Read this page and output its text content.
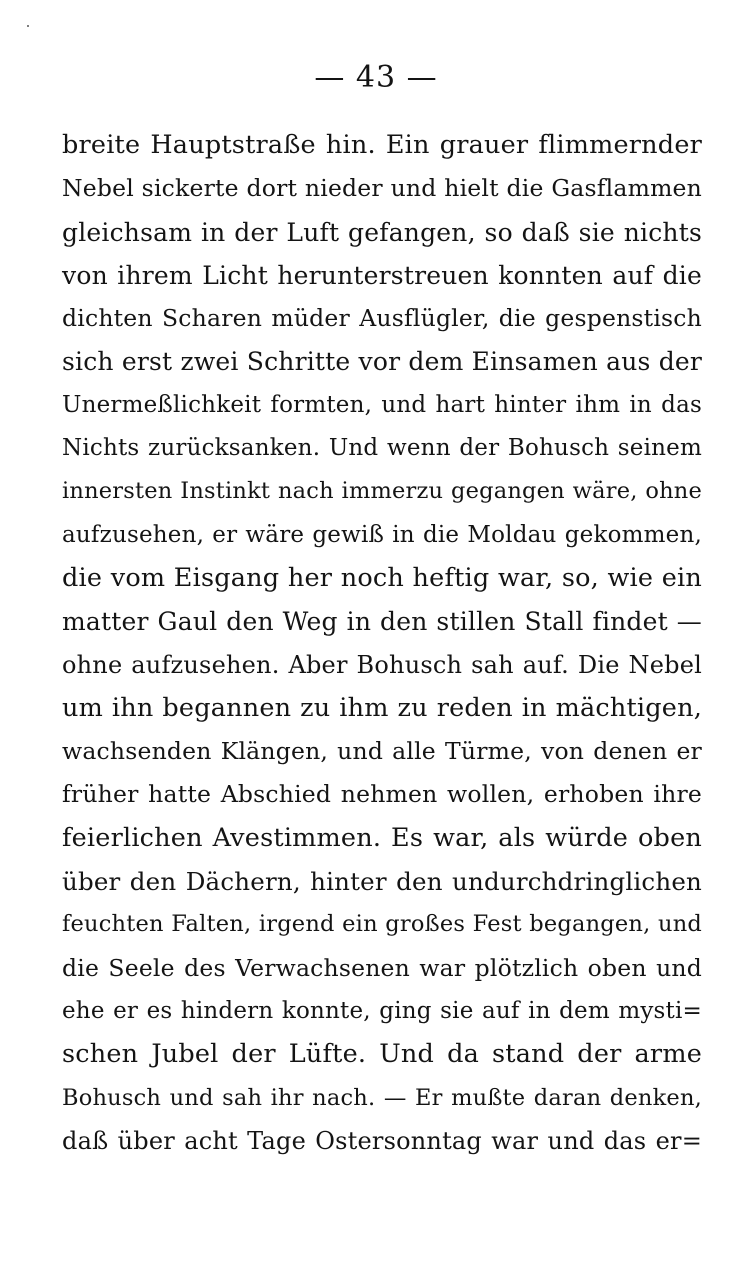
— 43 —
breite Hauptstraße hin. Ein grauer flimmernder
Nebel sickerte dort nieder und hielt die Gasflammen
gleichsam in der Luft gefangen, so daß sie nichts
von ihrem Licht herunterstreuen konnten auf die
dichten Scharen müder Ausflügler, die gespenstisch
sich erst zwei Schritte vor dem Einsamen aus der
Unermeßlichkeit formten, und hart hinter ihm in das
Nichts zurücksanken. Und wenn der Bohusch seinem
innersten Instinkt nach immerzu gegangen wäre, ohne
aufzusehen, er wäre gewiß in die Moldau gekommen,
die vom Eisgang her noch heftig war, so, wie ein
matter Gaul den Weg in den stillen Stall findet —
ohne aufzusehen. Aber Bohusch sah auf. Die Nebel
um ihn begannen zu ihm zu reden in mächtigen,
wachsenden Klängen, und alle Türme, von denen er
früher hatte Abschied nehmen wollen, erhoben ihre
feierlichen Avestimmen. Es war, als würde oben
über den Dächern, hinter den undurchdringlichen
feuchten Falten, irgend ein großes Fest begangen, und
die Seele des Verwachsenen war plötzlich oben und
ehe er es hindern konnte, ging sie auf in dem mysti=
schen Jubel der Lüfte. Und da stand der arme
Bohusch und sah ihr nach. — Er mußte daran denken,
daß über acht Tage Ostersonntag war und das er=
